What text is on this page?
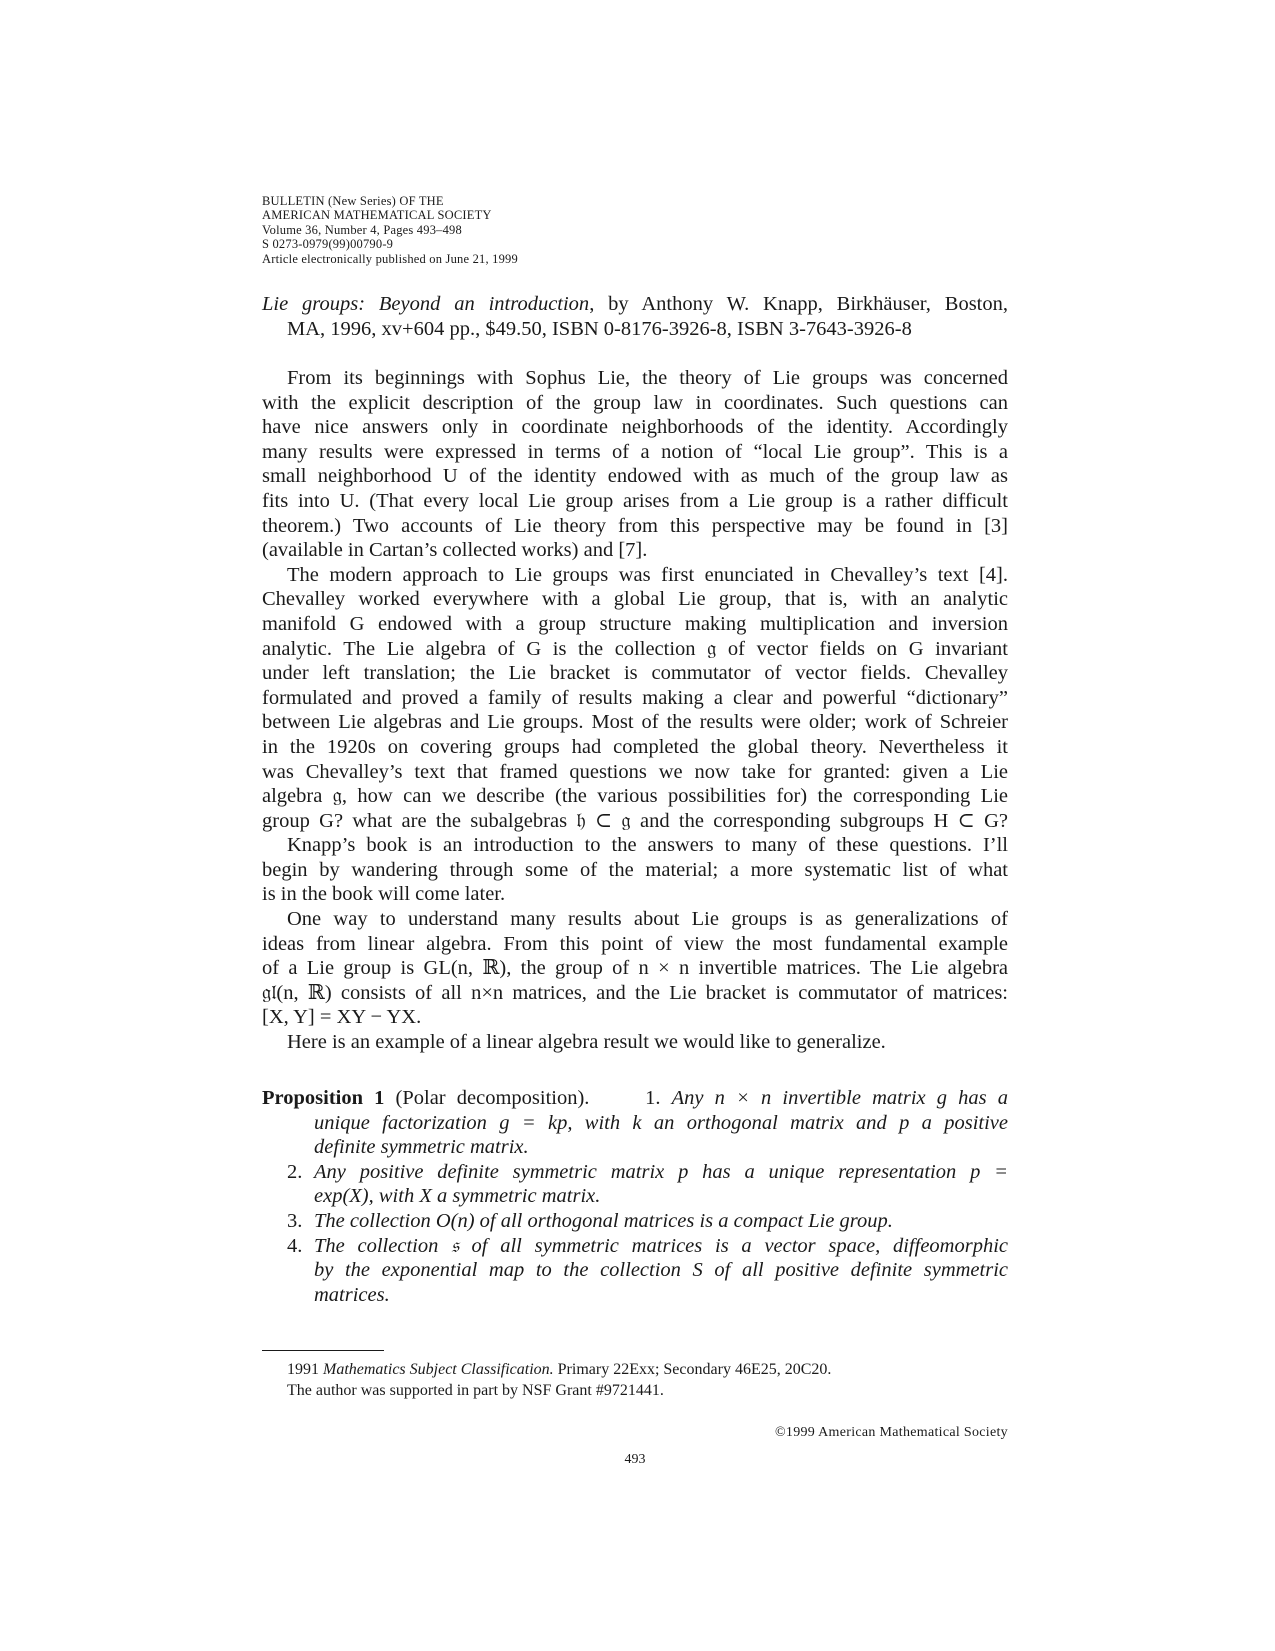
BULLETIN (New Series) OF THE
AMERICAN MATHEMATICAL SOCIETY
Volume 36, Number 4, Pages 493–498
S 0273-0979(99)00790-9
Article electronically published on June 21, 1999
Lie groups: Beyond an introduction, by Anthony W. Knapp, Birkhäuser, Boston,
MA, 1996, xv+604 pp., $49.50, ISBN 0-8176-3926-8, ISBN 3-7643-3926-8
From its beginnings with Sophus Lie, the theory of Lie groups was concerned
with the explicit description of the group law in coordinates. Such questions can
have nice answers only in coordinate neighborhoods of the identity. Accordingly
many results were expressed in terms of a notion of “local Lie group”. This is a
small neighborhood U of the identity endowed with as much of the group law as
fits into U. (That every local Lie group arises from a Lie group is a rather difficult
theorem.) Two accounts of Lie theory from this perspective may be found in [3]
(available in Cartan’s collected works) and [7].
The modern approach to Lie groups was first enunciated in Chevalley’s text [4].
Chevalley worked everywhere with a global Lie group, that is, with an analytic
manifold G endowed with a group structure making multiplication and inversion
analytic. The Lie algebra of G is the collection 𝔤 of vector fields on G invariant
under left translation; the Lie bracket is commutator of vector fields. Chevalley
formulated and proved a family of results making a clear and powerful “dictionary”
between Lie algebras and Lie groups. Most of the results were older; work of Schreier
in the 1920s on covering groups had completed the global theory. Nevertheless it
was Chevalley’s text that framed questions we now take for granted: given a Lie
algebra 𝔤, how can we describe (the various possibilities for) the corresponding Lie
group G? what are the subalgebras 𝔥 ⊂ 𝔤 and the corresponding subgroups H ⊂ G?
Knapp’s book is an introduction to the answers to many of these questions. I’ll
begin by wandering through some of the material; a more systematic list of what
is in the book will come later.
One way to understand many results about Lie groups is as generalizations of
ideas from linear algebra. From this point of view the most fundamental example
of a Lie group is GL(n, ℝ), the group of n × n invertible matrices. The Lie algebra
𝔤𝔩(n, ℝ) consists of all n×n matrices, and the Lie bracket is commutator of matrices:
[X, Y] = XY − YX.
Here is an example of a linear algebra result we would like to generalize.
Proposition 1 (Polar decomposition).	1. Any n × n invertible matrix g has a
unique factorization g = kp, with k an orthogonal matrix and p a positive
definite symmetric matrix.
2. Any positive definite symmetric matrix p has a unique representation p =
exp(X), with X a symmetric matrix.
3. The collection O(n) of all orthogonal matrices is a compact Lie group.
4. The collection 𝔰 of all symmetric matrices is a vector space, diffeomorphic
by the exponential map to the collection S of all positive definite symmetric
matrices.
1991 Mathematics Subject Classification. Primary 22Exx; Secondary 46E25, 20C20.
The author was supported in part by NSF Grant #9721441.
©1999 American Mathematical Society
493
